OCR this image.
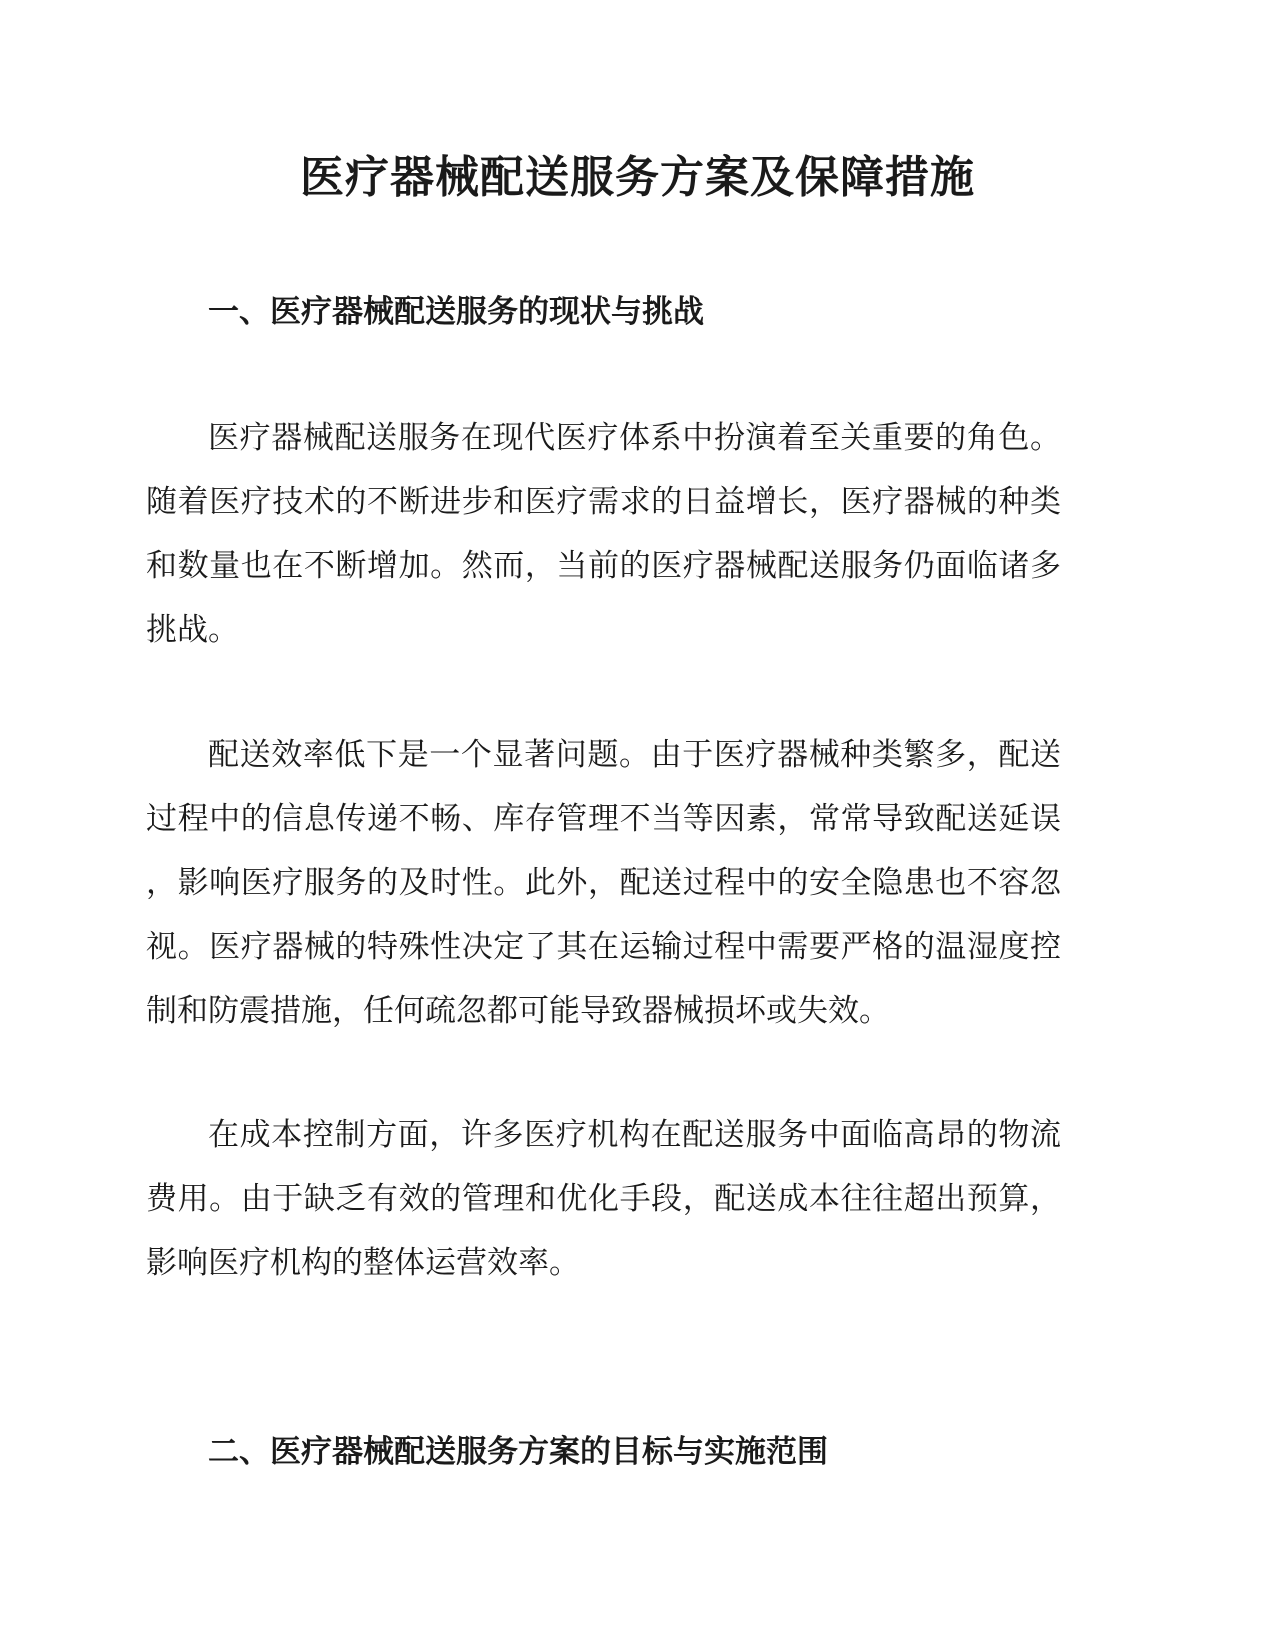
医疗器械配送服务方案及保障措施
一、医疗器械配送服务的现状与挑战

医疗器械配送服务在现代医疗体系中扮演着至关重要的角色。
随着医疗技术的不断进步和医疗需求的日益增长，医疗器械的种类
和数量也在不断增加。然而，当前的医疗器械配送服务仍面临诸多
挑战。

配送效率低下是一个显著问题。由于医疗器械种类繁多，配送
过程中的信息传递不畅、库存管理不当等因素，常常导致配送延误
，影响医疗服务的及时性。此外，配送过程中的安全隐患也不容忽
视。医疗器械的特殊性决定了其在运输过程中需要严格的温湿度控
制和防震措施，任何疏忽都可能导致器械损坏或失效。

在成本控制方面，许多医疗机构在配送服务中面临高昂的物流
费用。由于缺乏有效的管理和优化手段，配送成本往往超出预算，
影响医疗机构的整体运营效率。

二、医疗器械配送服务方案的目标与实施范围
